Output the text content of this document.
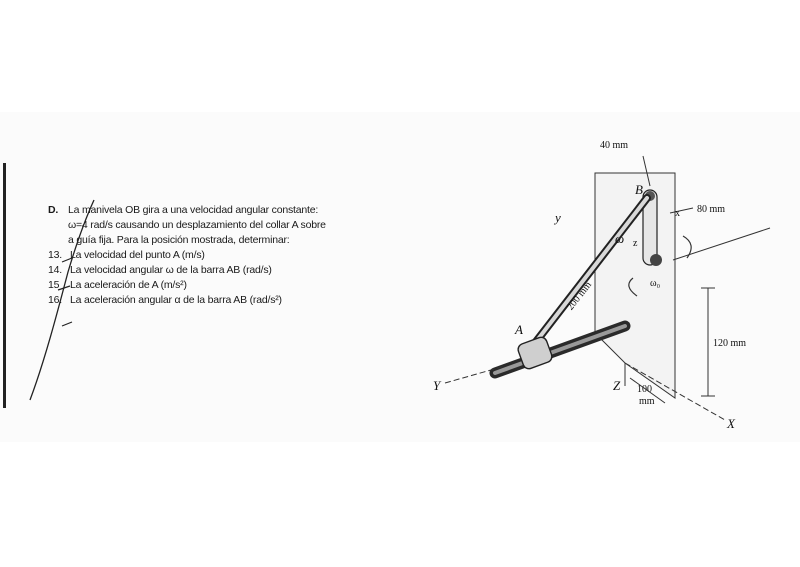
D. La manivela OB gira a una velocidad angular constante:
ω=4 rad/s causando un desplazamiento del collar A sobre
a guía fija. Para la posición mostrada, determinar:
13. La velocidad del punto A (m/s)
14. La velocidad angular ω de la barra AB (rad/s)
15 La aceleración de A (m/s²)
16. La aceleración angular α de la barra AB (rad/s²)
40 mm
80 mm
120 mm
200 mm
100
mm
B
A
x
z
ω
ω₀
y
Y
X
Z
